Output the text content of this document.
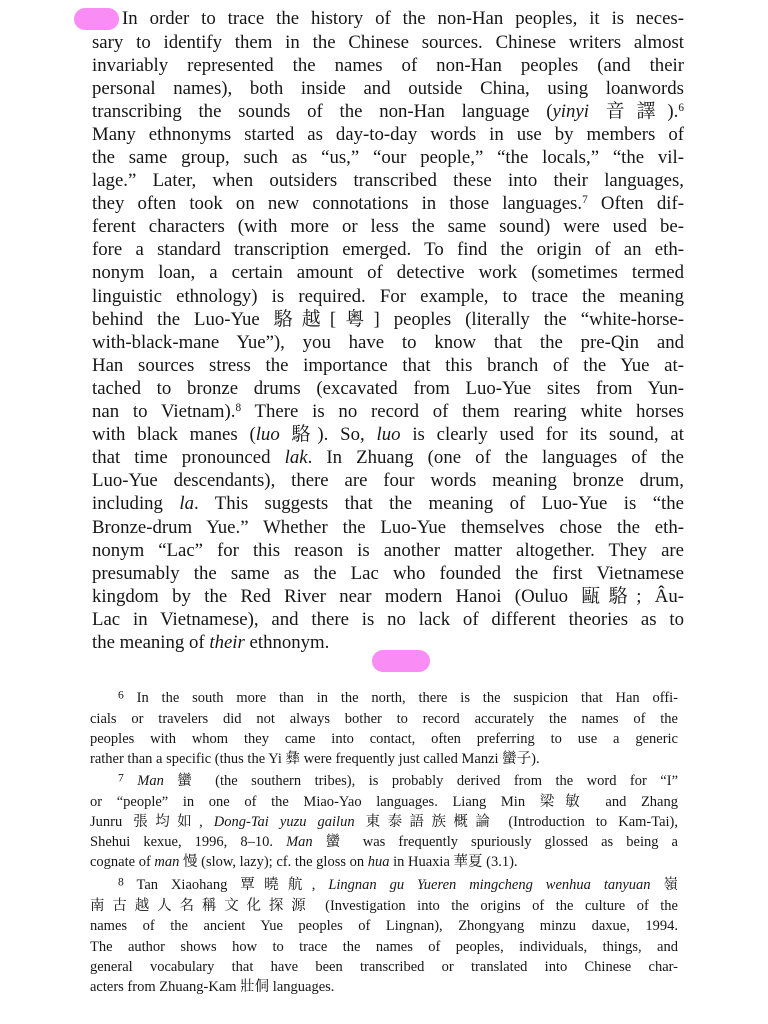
In order to trace the history of the non-Han peoples, it is neces-
sary to identify them in the Chinese sources. Chinese writers almost
invariably represented the names of non-Han peoples (and their
personal names), both inside and outside China, using loanwords
transcribing the sounds of the non-Han language (yinyi 音譯).$^6$
Many ethnonyms started as day-to-day words in use by members of
the same group, such as “us,” “our people,” “the locals,” “the vil-
lage.” Later, when outsiders transcribed these into their languages,
they often took on new connotations in those languages.$^7$ Often dif-
ferent characters (with more or less the same sound) were used be-
fore a standard transcription emerged. To find the origin of an eth-
nonym loan, a certain amount of detective work (sometimes termed
linguistic ethnology) is required. For example, to trace the meaning
behind the Luo-Yue 駱越[粵] peoples (literally the “white-horse-
with-black-mane Yue”), you have to know that the pre-Qin and
Han sources stress the importance that this branch of the Yue at-
tached to bronze drums (excavated from Luo-Yue sites from Yun-
nan to Vietnam).$^8$ There is no record of them rearing white horses
with black manes (luo 駱). So, luo is clearly used for its sound, at
that time pronounced lak. In Zhuang (one of the languages of the
Luo-Yue descendants), there are four words meaning bronze drum,
including la. This suggests that the meaning of Luo-Yue is “the
Bronze-drum Yue.” Whether the Luo-Yue themselves chose the eth-
nonym “Lac” for this reason is another matter altogether. They are
presumably the same as the Lac who founded the first Vietnamese
kingdom by the Red River near modern Hanoi (Ouluo 甌駱; Âu-
Lac in Vietnamese), and there is no lack of different theories as to
the meaning of their ethnonym.
$^6$ In the south more than in the north, there is the suspicion that Han offi-
cials or travelers did not always bother to record accurately the names of the
peoples with whom they came into contact, often preferring to use a generic
rather than a specific (thus the Yi 彝 were frequently just called Manzi 蠻子).
$^7$ Man 蠻 (the southern tribes), is probably derived from the word for “I”
or “people” in one of the Miao-Yao languages. Liang Min 梁敏 and Zhang
Junru 張均如, Dong-Tai yuzu gailun 東泰語族概論 (Introduction to Kam-Tai),
Shehui kexue, 1996, 8–10. Man 蠻 was frequently spuriously glossed as being a
cognate of man 慢 (slow, lazy); cf. the gloss on hua in Huaxia 華夏 (3.1).
$^8$ Tan Xiaohang 覃曉航, Lingnan gu Yueren mingcheng wenhua tanyuan 嶺
南古越人名稱文化探源 (Investigation into the origins of the culture of the
names of the ancient Yue peoples of Lingnan), Zhongyang minzu daxue, 1994.
The author shows how to trace the names of peoples, individuals, things, and
general vocabulary that have been transcribed or translated into Chinese char-
acters from Zhuang-Kam 壯侗 languages.
